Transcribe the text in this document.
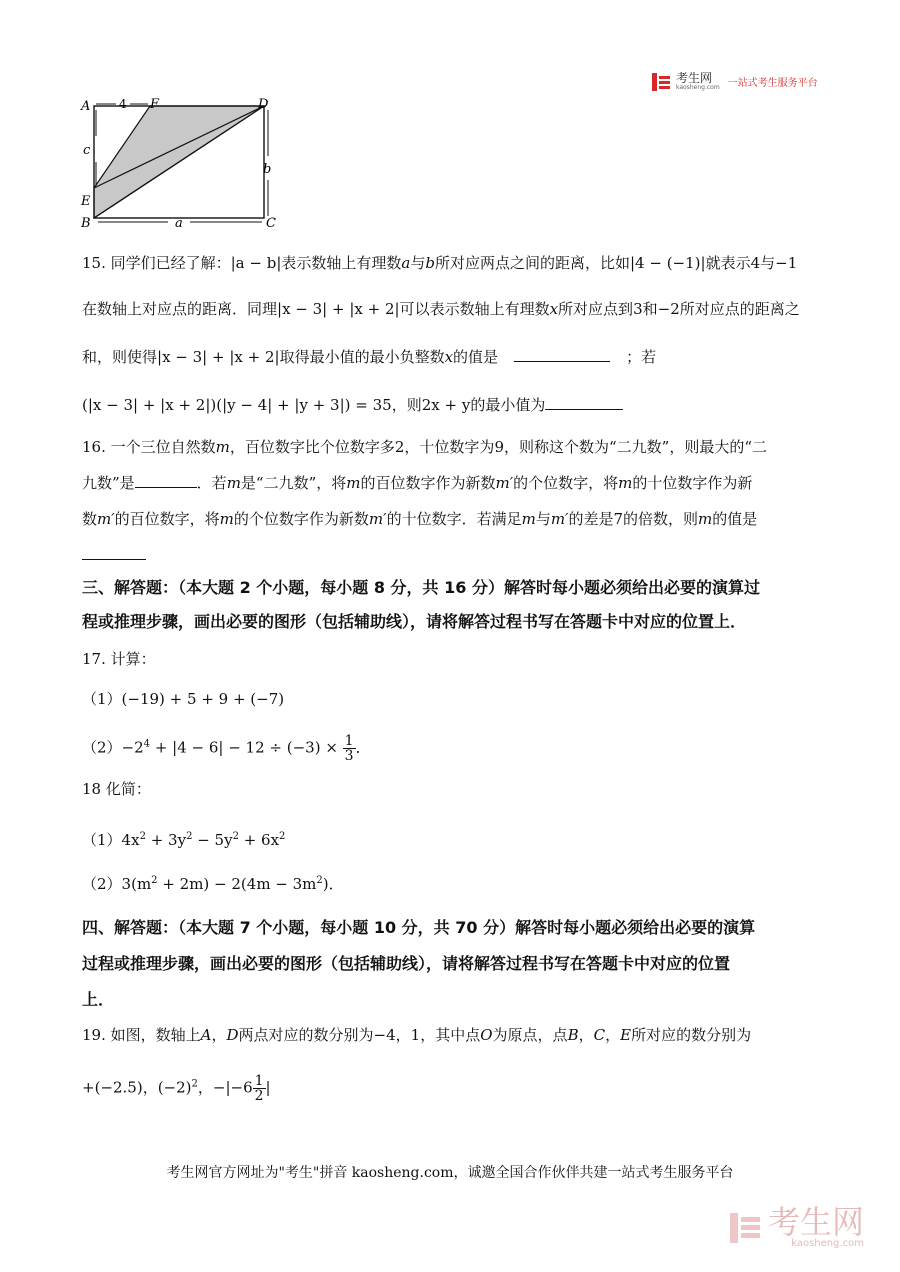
考生网
kaosheng.com 一站式考生服务平台
A 4 F	D
c
b
E
B	a	C
15. 同学们已经了解：|a − b|表示数轴上有理数a与b所对应两点之间的距离，比如|4 − (−1)|就表示4与−1
在数轴上对应点的距离．同理|x − 3| + |x + 2|可以表示数轴上有理数x所对应点到3和−2所对应点的距离之
和，则使得|x − 3| + |x + 2|取得最小值的最小负整数x的值是	；若
(|x − 3| + |x + 2|)(|y − 4| + |y + 3|) = 35，则2x + y的最小值为
16. 一个三位自然数m，百位数字比个位数字多2，十位数字为9，则称这个数为“二九数”，则最大的“二
九数”是	．若m是“二九数”，将m的百位数字作为新数m′的个位数字，将m的十位数字作为新
数m′的百位数字，将m的个位数字作为新数m′的十位数字．若满足m与m′的差是7的倍数，则m的值是
三、解答题：（本大题 2 个小题，每小题 8 分，共 16 分）解答时每小题必须给出必要的演算过
程或推理步骤，画出必要的图形（包括辅助线），请将解答过程书写在答题卡中对应的位置上．
17. 计算：
（1）(−19) + 5 + 9 + (−7)
$(2)-2^4 + |4 - 6| - 12 \div (-3) \times \frac{1}{3}$ ．
18 化简：
$(1)4x^2 + 3y^2 - 5y^2 + 6x^2$
$(2)3(m^2 + 2m) - 2(4m - 3m^2)$．
四、解答题：（本大题 7 个小题，每小题 10 分，共 70 分）解答时每小题必须给出必要的演算
过程或推理步骤，画出必要的图形（包括辅助线），请将解答过程书写在答题卡中对应的位置
上．
19. 如图，数轴上A，D两点对应的数分别为−4，1，其中点O为原点，点B，C，E所对应的数分别为
+(−2.5)，$(-2)^2$，$-|-6 \frac{1}{2}$ |
考生网官方网址为"考生"拼音 kaosheng.com，诚邀全国合作伙伴共建一站式考生服务平台
考生网
kaosheng.com
